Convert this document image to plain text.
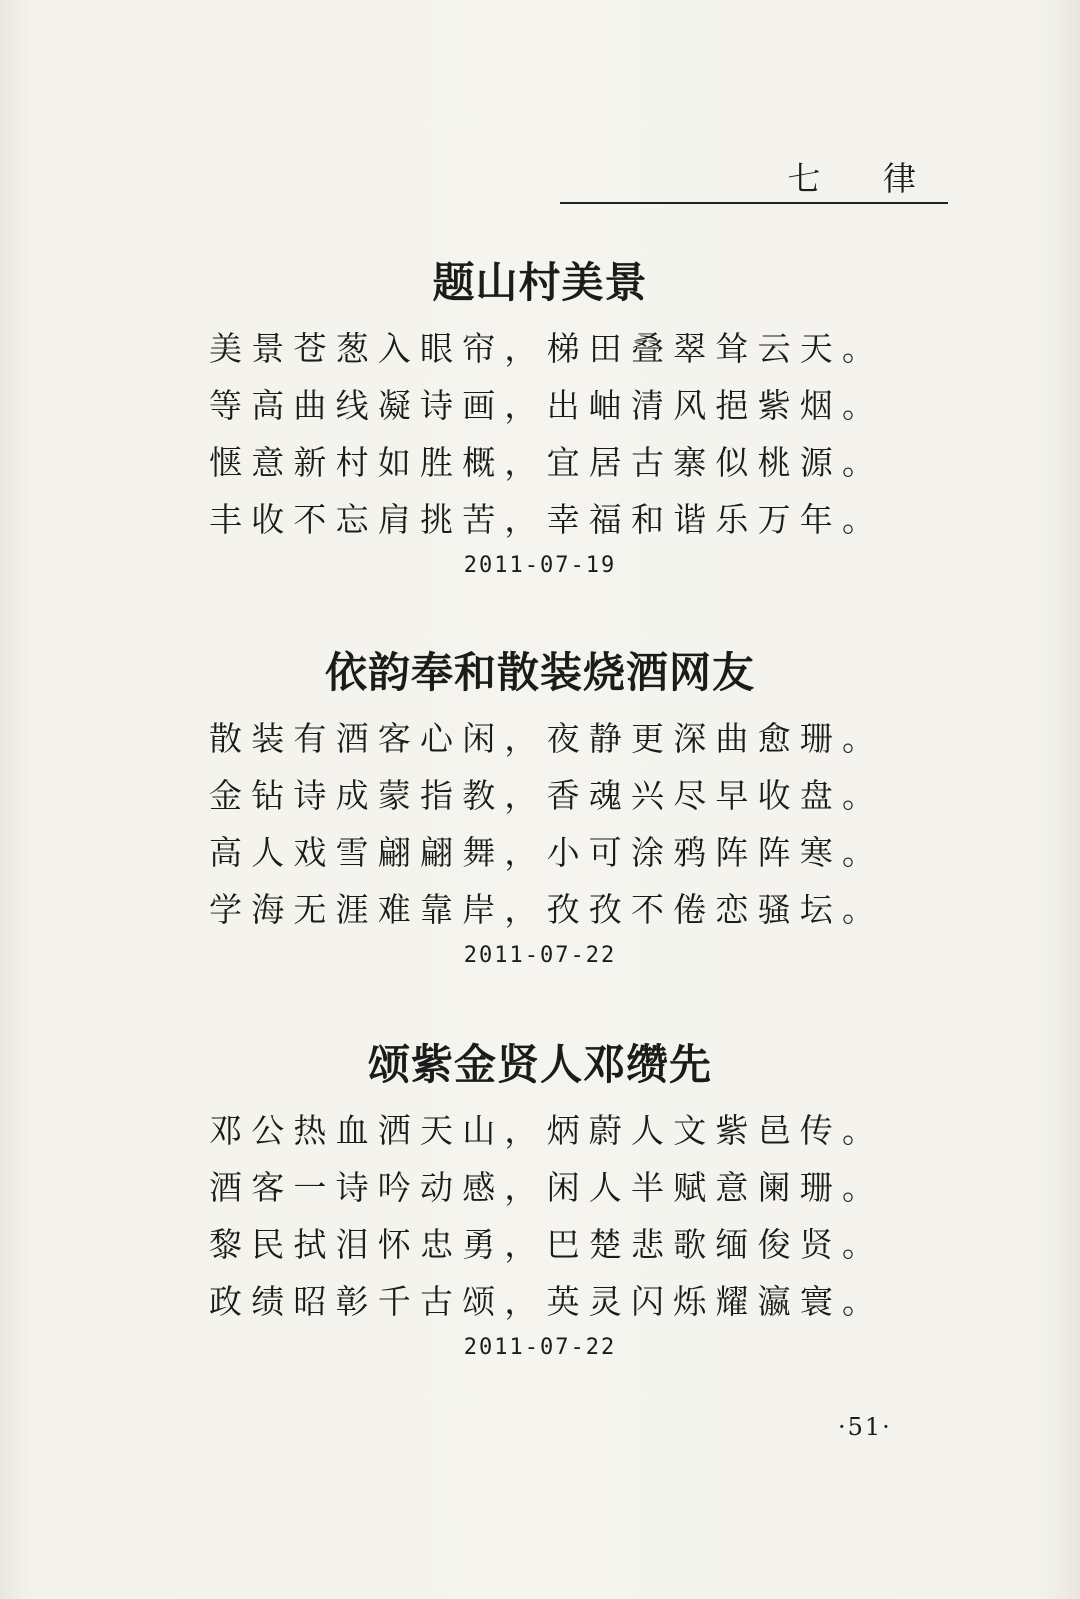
七 律
题山村美景
美景苍葱入眼帘，梯田叠翠耸云天。
等高曲线凝诗画，出岫清风挹紫烟。
惬意新村如胜概，宜居古寨似桃源。
丰收不忘肩挑苦，幸福和谐乐万年。
2011-07-19
依韵奉和散装烧酒网友
散装有酒客心闲，夜静更深曲愈珊。
金钻诗成蒙指教，香魂兴尽早收盘。
高人戏雪翩翩舞，小可涂鸦阵阵寒。
学海无涯难靠岸，孜孜不倦恋骚坛。
2011-07-22
颂紫金贤人邓缵先
邓公热血洒天山，炳蔚人文紫邑传。
酒客一诗吟动感，闲人半赋意阑珊。
黎民拭泪怀忠勇，巴楚悲歌缅俊贤。
政绩昭彰千古颂，英灵闪烁耀瀛寰。
2011-07-22
·51·
